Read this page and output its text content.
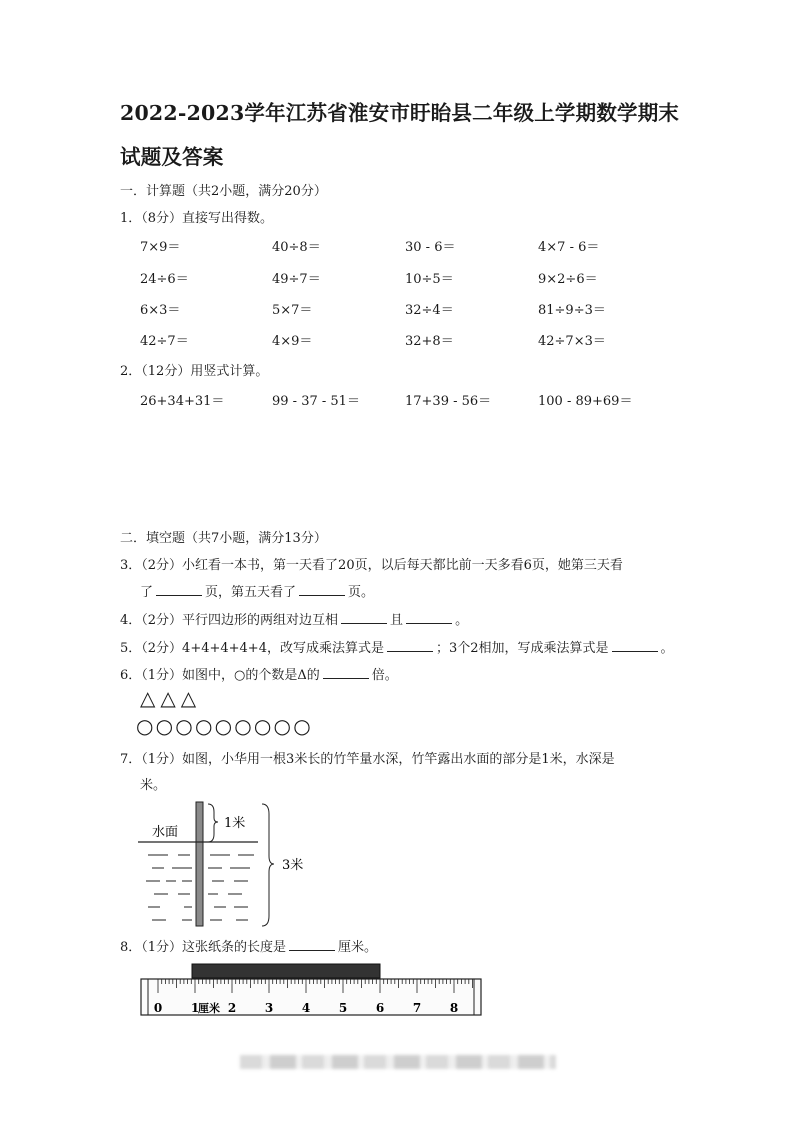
2022-2023学年江苏省淮安市盱眙县二年级上学期数学期末
试题及答案
一．计算题（共2小题，满分20分）
1．（8分）直接写出得数。
7×9＝	40÷8＝	30 - 6＝	4×7 - 6＝
24÷6＝	49÷7＝	10÷5＝	9×2÷6＝
6×3＝	5×7＝	32÷4＝	81÷9÷3＝
42÷7＝	4×9＝	32+8＝	42÷7×3＝
2．（12分）用竖式计算。
26+34+31＝	99 - 37 - 51＝	17+39 - 56＝	100 - 89+69＝
二．填空题（共7小题，满分13分）
3．（2分）小红看一本书，第一天看了20页，以后每天都比前一天多看6页，她第三天看
了	页，第五天看了	页。
4．（2分）平行四边形的两组对边互相	且	。
5．（2分）4+4+4+4+4，改写成乘法算式是	；3个2相加，写成乘法算式是	。
6．（1分）如图中，○的个数是Δ的	倍。
△△△
○○○○○○○○○
7．（1分）如图，小华用一根3米长的竹竿量水深，竹竿露出水面的部分是1米，水深是
米。
水面
1米
3米
8．（1分）这张纸条的长度是	厘米。
0 1
厘米 2 3 4 5 6 7 8
